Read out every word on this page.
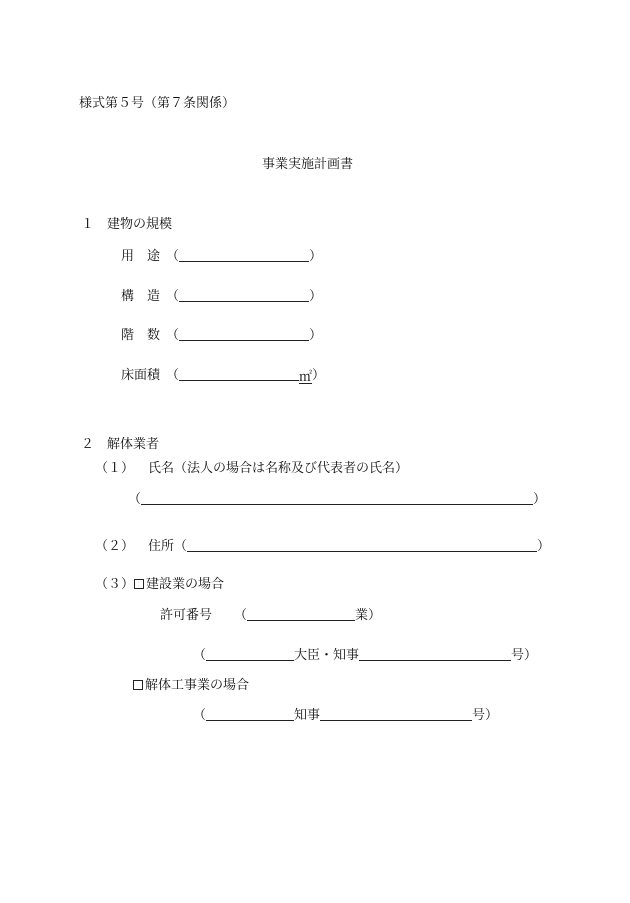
様式第５号（第７条関係）
事業実施計画書
１　建物の規模
用　途 （	）
構　造 （	）
階　数 （	）
床面積 （	㎡）
２　解体業者
（１） 氏名（法人の場合は名称及び代表者の氏名）
（	）
（２） 住所（	）
（３） 建設業の場合
許可番号 （	業）
（	大臣・知事	号）
解体工事業の場合
（	知事	号）
